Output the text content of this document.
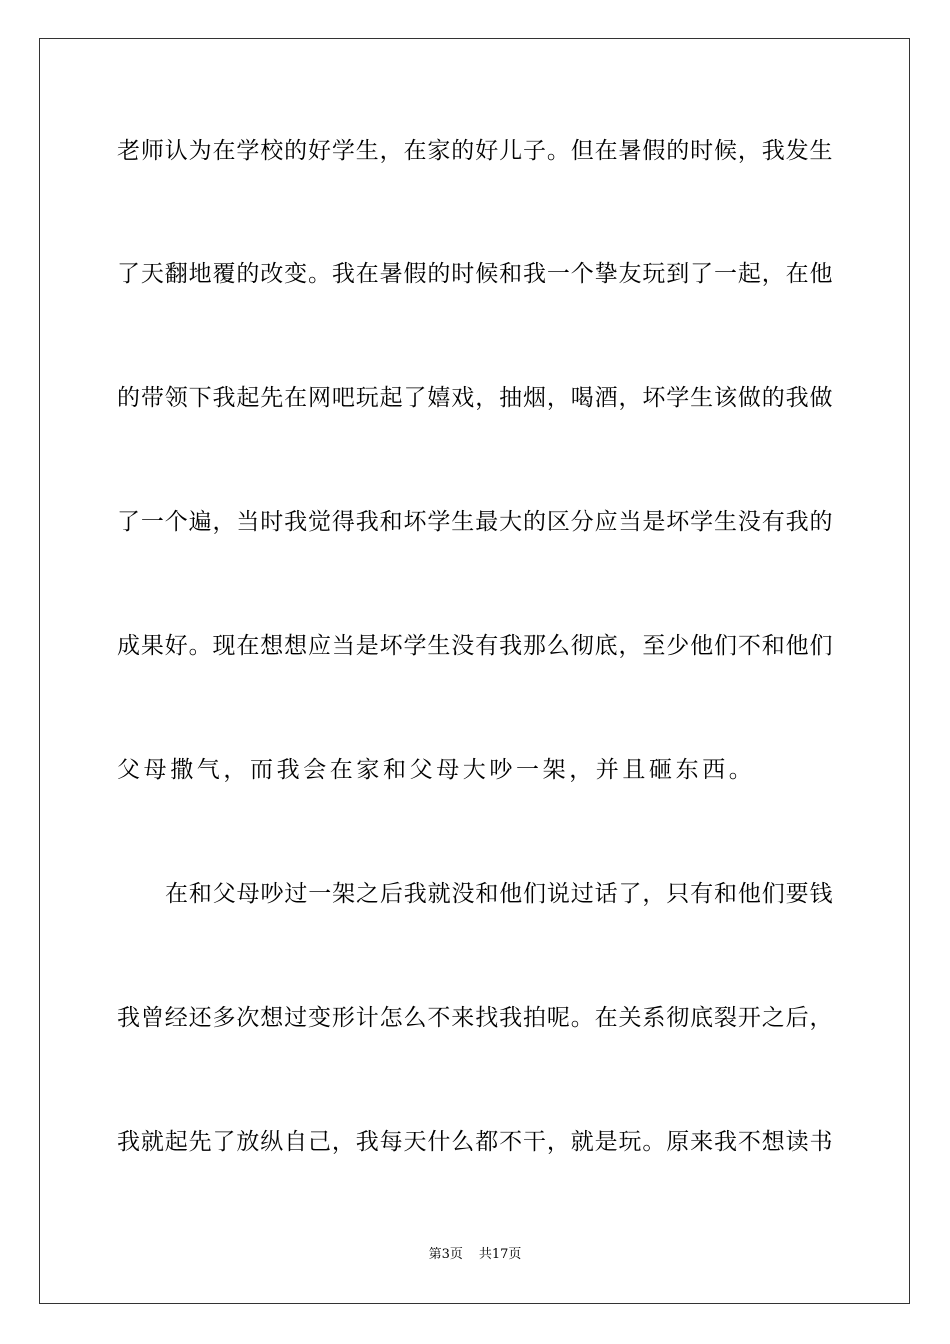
老师认为在学校的好学生，在家的好儿子。但在暑假的时候，我发生
了天翻地覆的改变。我在暑假的时候和我一个挚友玩到了一起，在他
的带领下我起先在网吧玩起了嬉戏，抽烟，喝酒，坏学生该做的我做
了一个遍，当时我觉得我和坏学生最大的区分应当是坏学生没有我的
成果好。现在想想应当是坏学生没有我那么彻底，至少他们不和他们
父母撒气，而我会在家和父母大吵一架，并且砸东西。
在和父母吵过一架之后我就没和他们说过话了，只有和他们要钱
我曾经还多次想过变形计怎么不来找我拍呢。在关系彻底裂开之后，
我就起先了放纵自己，我每天什么都不干，就是玩。原来我不想读书
第3页 共17页
